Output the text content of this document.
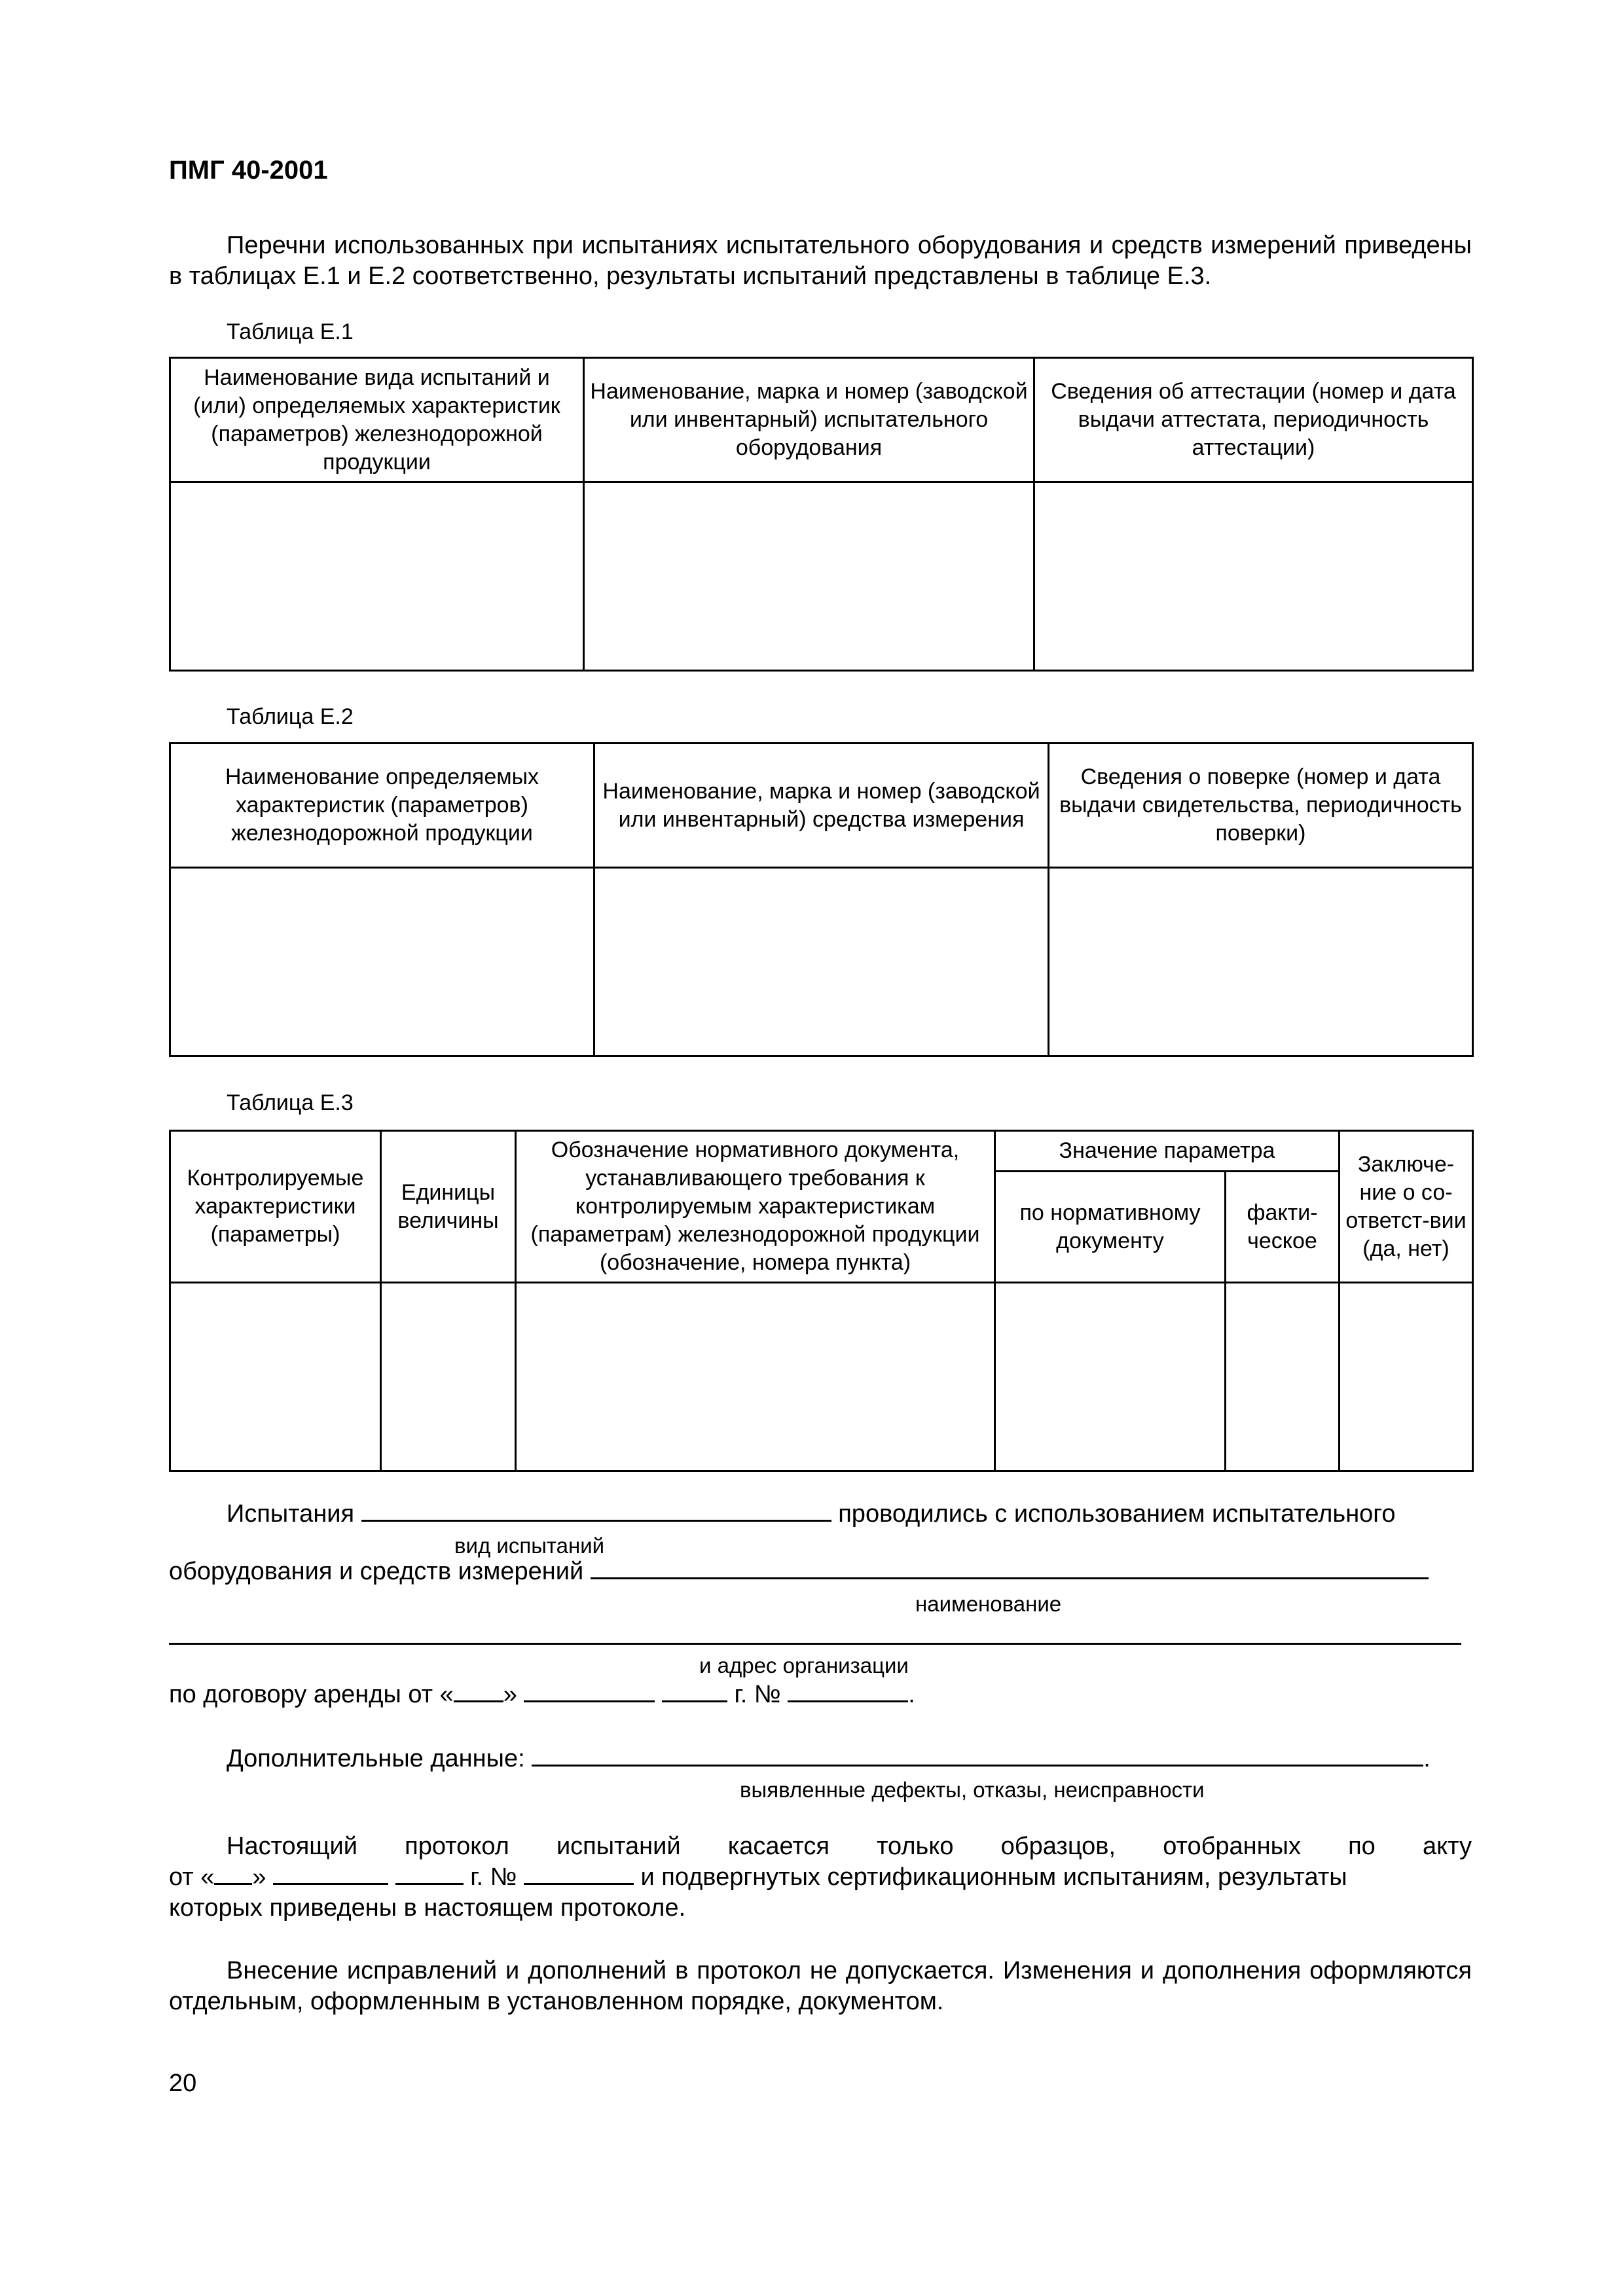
ПМГ 40-2001
Перечни использованных при испытаниях испытательного оборудования и средств измерений приведены в таблицах Е.1 и Е.2 соответственно, результаты испытаний представлены в таблице Е.3.
Таблица Е.1
Наименование вида испытаний и (или) определяемых характеристик (параметров) железнодорожной продукции	Наименование, марка и номер (заводской или инвентарный) испытательного оборудования	Сведения об аттестации (номер и дата выдачи аттестата, периодичность аттестации)

Таблица Е.2
Наименование определяемых характеристик (параметров) железнодорожной продукции	Наименование, марка и номер (заводской или инвентарный) средства измерения	Сведения о поверке (номер и дата выдачи свидетельства, периодичность поверки)

Таблица Е.3
Контролируемые характеристики (параметры)	Единицы величины	Обозначение нормативного документа, устанавливающего требования к контролируемым характеристикам (параметрам) железнодорожной продукции (обозначение, номера пункта)	Значение параметра		Заключе-ние о со-ответст-вии (да, нет)
			по нормативному документу	факти-ческое	

Испытания	проводились с использованием испытательного
вид испытаний
оборудования и средств измерений
наименование
и адрес организации
по договору аренды от « »	г. №	.
Дополнительные данные:	.
выявленные дефекты, отказы, неисправности
Настоящий протокол испытаний касается только образцов, отобранных по акту
от « »	г. №	и подвергнутых сертификационным испытаниям, результаты
которых приведены в настоящем протоколе.
Внесение исправлений и дополнений в протокол не допускается. Изменения и дополнения оформляются отдельным, оформленным в установленном порядке, документом.
20
